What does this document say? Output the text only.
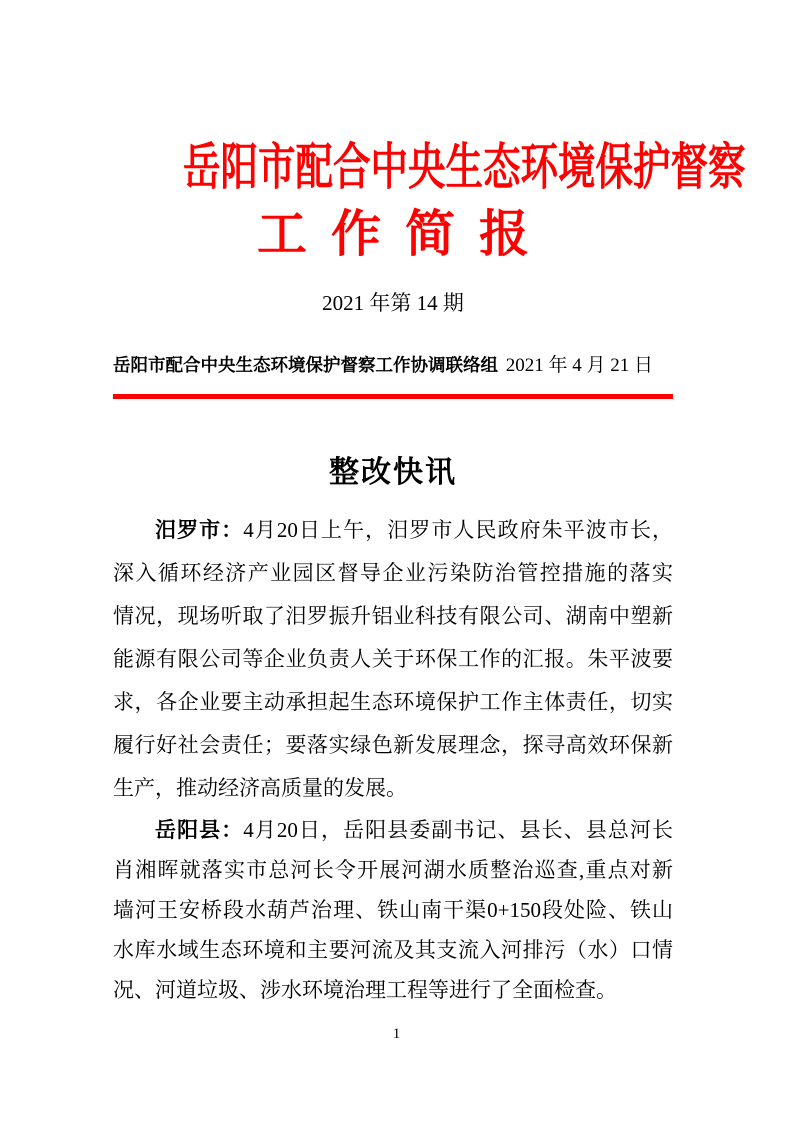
岳阳市配合中央生态环境保护督察
工作简报
2021 年第 14 期
岳阳市配合中央生态环境保护督察工作协调联络组 2021 年 4 月 21 日
整改快讯
汨罗市：4月20日上午，汨罗市人民政府朱平波市长，
深入循环经济产业园区督导企业污染防治管控措施的落实
情况，现场听取了汨罗振升铝业科技有限公司、湖南中塑新
能源有限公司等企业负责人关于环保工作的汇报。朱平波要
求，各企业要主动承担起生态环境保护工作主体责任，切实
履行好社会责任；要落实绿色新发展理念，探寻高效环保新
生产，推动经济高质量的发展。
岳阳县：4月20日，岳阳县委副书记、县长、县总河长
肖湘晖就落实市总河长令开展河湖水质整治巡查,重点对新
墙河王安桥段水葫芦治理、铁山南干渠0+150段处险、铁山
水库水域生态环境和主要河流及其支流入河排污（水）口情
况、河道垃圾、涉水环境治理工程等进行了全面检查。
1
